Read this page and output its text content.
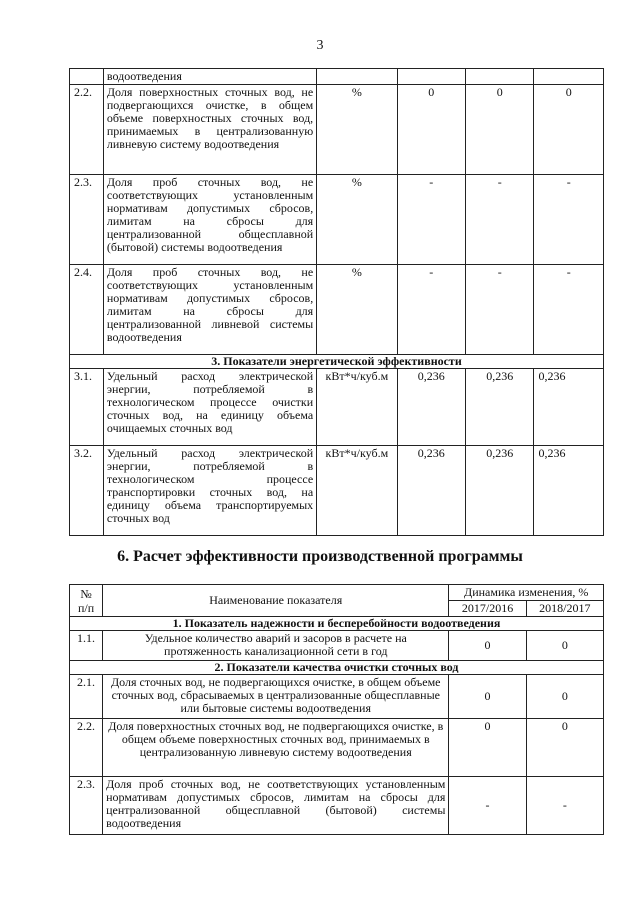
3
	водоотведения				
2.2.	Доля поверхностных сточных вод, не подвергающихся очистке, в общем объеме поверхностных сточных вод, принимаемых в централизованную ливневую систему водоотведения	%	0	0	0
2.3.	Доля проб сточных вод, не соответствующих установленным нормативам допустимых сбросов, лимитам на сбросы для централизованной общесплавной (бытовой) системы водоотведения	%	-	-	-
2.4.	Доля проб сточных вод, не соответствующих установленным нормативам допустимых сбросов, лимитам на сбросы для централизованной ливневой системы водоотведения	%	-	-	-
3. Показатели энергетической эффективности					
3.1.	Удельный расход электрической энергии, потребляемой в технологическом процессе очистки сточных вод, на единицу объема очищаемых сточных вод	кВт*ч/куб.м	0,236	0,236	0,236
3.2.	Удельный расход электрической энергии, потребляемой в технологическом процессе транспортировки сточных вод, на единицу объема транспортируемых сточных вод	кВт*ч/куб.м	0,236	0,236	0,236
6. Расчет эффективности производственной программы
№
п/п	Наименование показателя	Динамика изменения, %	
		2017/2016	2018/2017
1. Показатель надежности и бесперебойности водоотведения			
1.1.	Удельное количество аварий и засоров в расчете на протяженность канализационной сети в год	0	0
2. Показатели качества очистки сточных вод			
2.1.	Доля сточных вод, не подвергающихся очистке, в общем объеме сточных вод, сбрасываемых в централизованные общесплавные или бытовые системы водоотведения	0	0
2.2.	Доля поверхностных сточных вод, не подвергающихся очистке, в общем объеме поверхностных сточных вод, принимаемых в централизованную ливневую систему водоотведения	0	0
2.3.	Доля проб сточных вод, не соответствующих установленным нормативам допустимых сбросов, лимитам на сбросы для централизованной общесплавной (бытовой) системы водоотведения	-	-
